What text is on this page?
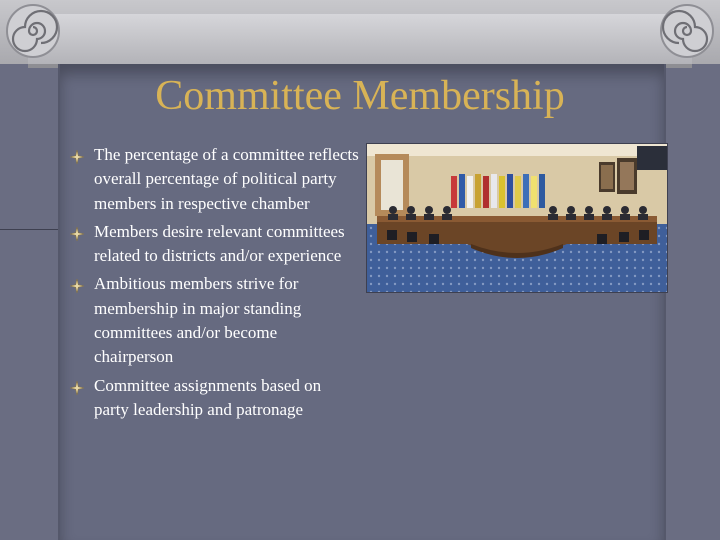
Committee Membership
The percentage of a committee reflects overall percentage of political party members in respective chamber
Members desire relevant committees related to districts and/or experience
Ambitious members strive for membership in major standing committees and/or become chairperson
Committee assignments based on party leadership and patronage
